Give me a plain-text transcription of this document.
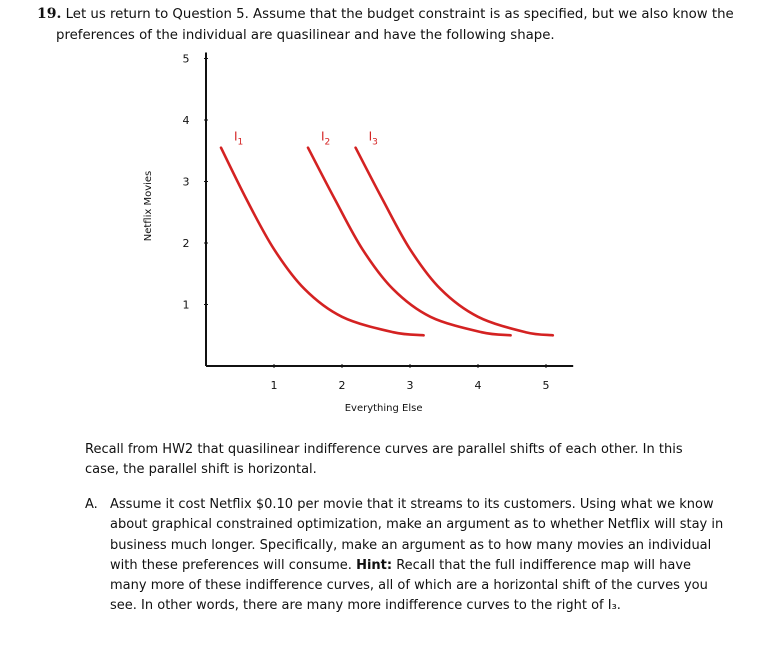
19. Let us return to Question 5. Assume that the budget constraint is as specified, but we also know the
preferences of the individual are quasilinear and have the following shape.
1	2	3	4	5
1
2
3
4
5
$I_1$	$I_2$	$I_3$
Everything Else
Netflix Movies
Recall from HW2 that quasilinear indifference curves are parallel shifts of each other. In this
case, the parallel shift is horizontal.
A. Assume it cost Netflix $0.10 per movie that it streams to its customers. Using what we know about graphical constrained optimization, make an argument as to whether Netflix will stay in business much longer. Specifically, make an argument as to how many movies an individual with these preferences will consume. Hint: Recall that the full indifference map will have many more of these indifference curves, all of which are a horizontal shift of the curves you see. In other words, there are many more indifference curves to the right of I₃.
